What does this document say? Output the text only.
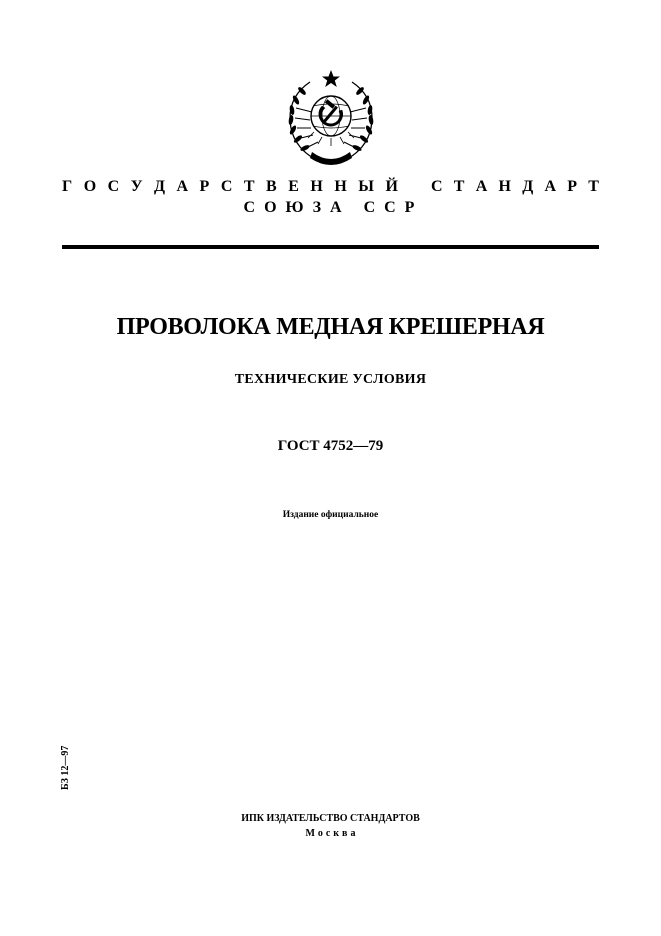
Г О С У Д А Р С Т В Е Н Н Ы Й С Т А Н Д А Р Т
СОЮЗА ССР
ПРОВОЛОКА МЕДНАЯ КРЕШЕРНАЯ
ТЕХНИЧЕСКИЕ УСЛОВИЯ
ГОСТ 4752—79
Издание официальное
БЗ 12—97
ИПК ИЗДАТЕЛЬСТВО СТАНДАРТОВ
Москва
